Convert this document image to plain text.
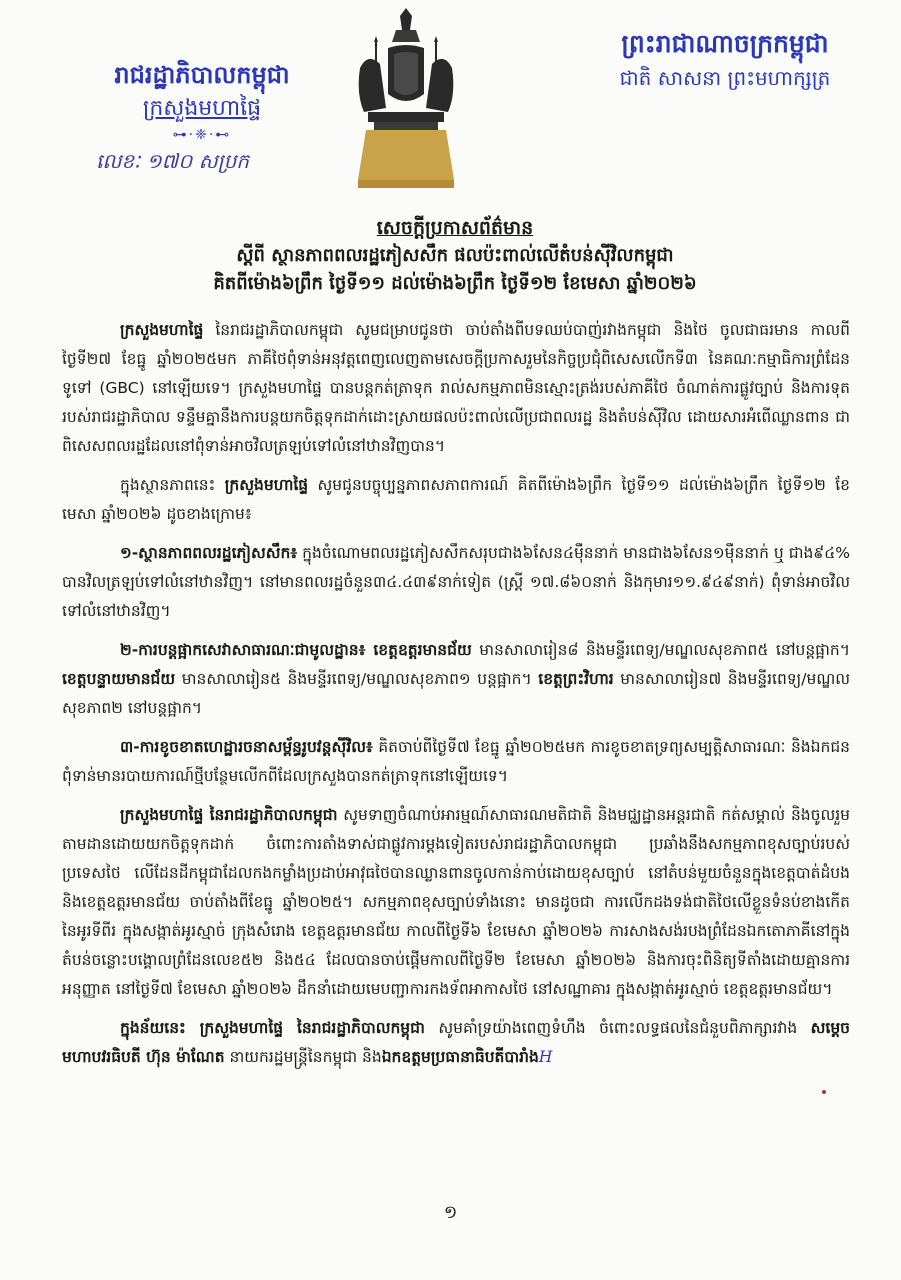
រាជរដ្ឋាភិបាលកម្ពុជា
ក្រសួងមហាផ្ទៃ
⊶·❈·⊷
លេខៈ ១៧០ សប្រក
ព្រះរាជាណាចក្រកម្ពុជា
ជាតិ សាសនា ព្រះមហាក្សត្រ
សេចក្តីប្រកាសព័ត៌មាន
ស្តីពី ស្ថានភាពពលរដ្ឋភៀសសឹក ផលប៉ះពាល់លើតំបន់ស៊ីវិលកម្ពុជា
គិតពីម៉ោង៦ព្រឹក ថ្ងៃទី១១ ដល់ម៉ោង៦ព្រឹក ថ្ងៃទី១២ ខែមេសា ឆ្នាំ២០២៦

ក្រសួងមហាផ្ទៃ នៃរាជរដ្ឋាភិបាលកម្ពុជា សូមជម្រាបជូនថា ចាប់តាំងពីបទឈប់បាញ់រវាងកម្ពុជា និងថៃ ចូលជាធរមាន កាលពីថ្ងៃទី២៧ ខែធ្នូ ឆ្នាំ២០២៥មក ភាគីថៃពុំទាន់អនុវត្តពេញលេញតាមសេចក្តីប្រកាសរួមនៃកិច្ចប្រជុំពិសេសលើកទី៣ នៃគណៈកម្មាធិការព្រំដែនទូទៅ (GBC) នៅឡើយទេ។ ក្រសួងមហាផ្ទៃ បានបន្តកត់ត្រាទុក រាល់សកម្មភាពមិនស្មោះត្រង់របស់ភាគីថៃ ចំណាត់ការផ្លូវច្បាប់ និងការទុតរបស់រាជរដ្ឋាភិបាល ទន្ទឹមគ្នានឹងការបន្តយកចិត្តទុកដាក់ដោះស្រាយផលប៉ះពាល់លើប្រជាពលរដ្ឋ និងតំបន់ស៊ីវិល ដោយសារអំពើឈ្លានពាន ជាពិសេសពលរដ្ឋដែលនៅពុំទាន់អាចវិលត្រឡប់ទៅលំនៅឋានវិញបាន។

ក្នុងស្ថានភាពនេះ ក្រសួងមហាផ្ទៃ សូមជូនបច្ចុប្បន្នភាពសភាពការណ៍ គិតពីម៉ោង៦ព្រឹក ថ្ងៃទី១១ ដល់ម៉ោង៦ព្រឹក ថ្ងៃទី១២ ខែមេសា ឆ្នាំ២០២៦ ដូចខាងក្រោម៖

១-ស្ថានភាពពលរដ្ឋភៀសសឹក៖ ក្នុងចំណោមពលរដ្ឋភៀសសឹកសរុបជាង៦សែន៤ម៉ឺននាក់ មានជាង៦សែន១ម៉ឺននាក់ ឬ ជាង៩៤% បានវិលត្រឡប់ទៅលំនៅឋានវិញ។ នៅមានពលរដ្ឋចំនួន៣៤.៤៣៩នាក់ទៀត (ស្ត្រី ១៧.៨៦០នាក់ និងកុមារ១១.៩៤៩នាក់) ពុំទាន់អាចវិលទៅលំនៅឋានវិញ។

២-ការបន្តផ្អាកសេវាសាធារណៈជាមូលដ្ឋាន៖ ខេត្តឧត្តរមានជ័យ មានសាលារៀន៨ និងមន្ទីរពេទ្យ/មណ្ឌលសុខភាព៥ នៅបន្តផ្អាក។ ខេត្តបន្ទាយមានជ័យ មានសាលារៀន៥ និងមន្ទីរពេទ្យ/មណ្ឌលសុខភាព១ បន្តផ្អាក។ ខេត្តព្រះវិហារ មានសាលារៀន៧ និងមន្ទីរពេទ្យ/មណ្ឌលសុខភាព២ នៅបន្តផ្អាក។

៣-ការខូចខាតហេដ្ឋារចនាសម្ព័ន្ធរូបវន្តស៊ីវិល៖ គិតចាប់ពីថ្ងៃទី៧ ខែធ្នូ ឆ្នាំ២០២៥មក ការខូចខាតទ្រព្យសម្បត្តិសាធារណៈ និងឯកជន ពុំទាន់មានរបាយការណ៍ថ្មីបន្ថែមលើកពីដែលក្រសួងបានកត់ត្រាទុកនៅឡើយទេ។

ក្រសួងមហាផ្ទៃ នៃរាជរដ្ឋាភិបាលកម្ពុជា សូមទាញចំណាប់អារម្មណ៍សាធារណមតិជាតិ និងមជ្ឈដ្ឋានអន្តរជាតិ កត់សម្គាល់ និងចូលរួមតាមដានដោយយកចិត្តទុកដាក់ ចំពោះការតាំងទាស់ជាផ្លូវការម្តងទៀតរបស់រាជរដ្ឋាភិបាលកម្ពុជា ប្រឆាំងនឹងសកម្មភាពខុសច្បាប់របស់ប្រទេសថៃ លើដែនដីកម្ពុជាដែលកងកម្លាំងប្រដាប់អាវុធថៃបានឈ្លានពានចូលកាន់កាប់ដោយខុសច្បាប់ នៅតំបន់មួយចំនួនក្នុងខេត្តបាត់ដំបង និងខេត្តឧត្តរមានជ័យ ចាប់តាំងពីខែធ្នូ ឆ្នាំ២០២៥។ សកម្មភាពខុសច្បាប់ទាំងនោះ មានដូចជា ការលើកដងទង់ជាតិថៃលើខ្លួនទំនប់ខាងកើតនៃអូរទីពីរ ក្នុងសង្កាត់អូរស្មាច់ ក្រុងសំរោង ខេត្តឧត្តរមានជ័យ កាលពីថ្ងៃទី៦ ខែមេសា ឆ្នាំ២០២៦ ការសាងសង់របងព្រំដែនឯកតោភាគីនៅក្នុងតំបន់ចន្លោះបង្គោលព្រំដែនលេខ៥២ និង៥៤ ដែលបានចាប់ផ្តើមកាលពីថ្ងៃទី២ ខែមេសា ឆ្នាំ២០២៦ និងការចុះពិនិត្យទីតាំងដោយគ្មានការអនុញ្ញាត នៅថ្ងៃទី៧ ខែមេសា ឆ្នាំ២០២៦ ដឹកនាំដោយមេបញ្ជាការកងទ័ពអាកាសថៃ នៅសណ្ឋាគារ ក្នុងសង្កាត់អូរស្មាច់ ខេត្តឧត្តរមានជ័យ។

ក្នុងន័យនេះ ក្រសួងមហាផ្ទៃ នៃរាជរដ្ឋាភិបាលកម្ពុជា សូមគាំទ្រយ៉ាងពេញទំហឹង ចំពោះលទ្ធផលនៃជំនួបពិភាក្សារវាង សម្តេចមហាបវរធិបតី ហ៊ុន ម៉ាណែត នាយករដ្ឋមន្ត្រីនៃកម្ពុជា និងឯកឧត្តមប្រធានាធិបតីបារាំងH

១
